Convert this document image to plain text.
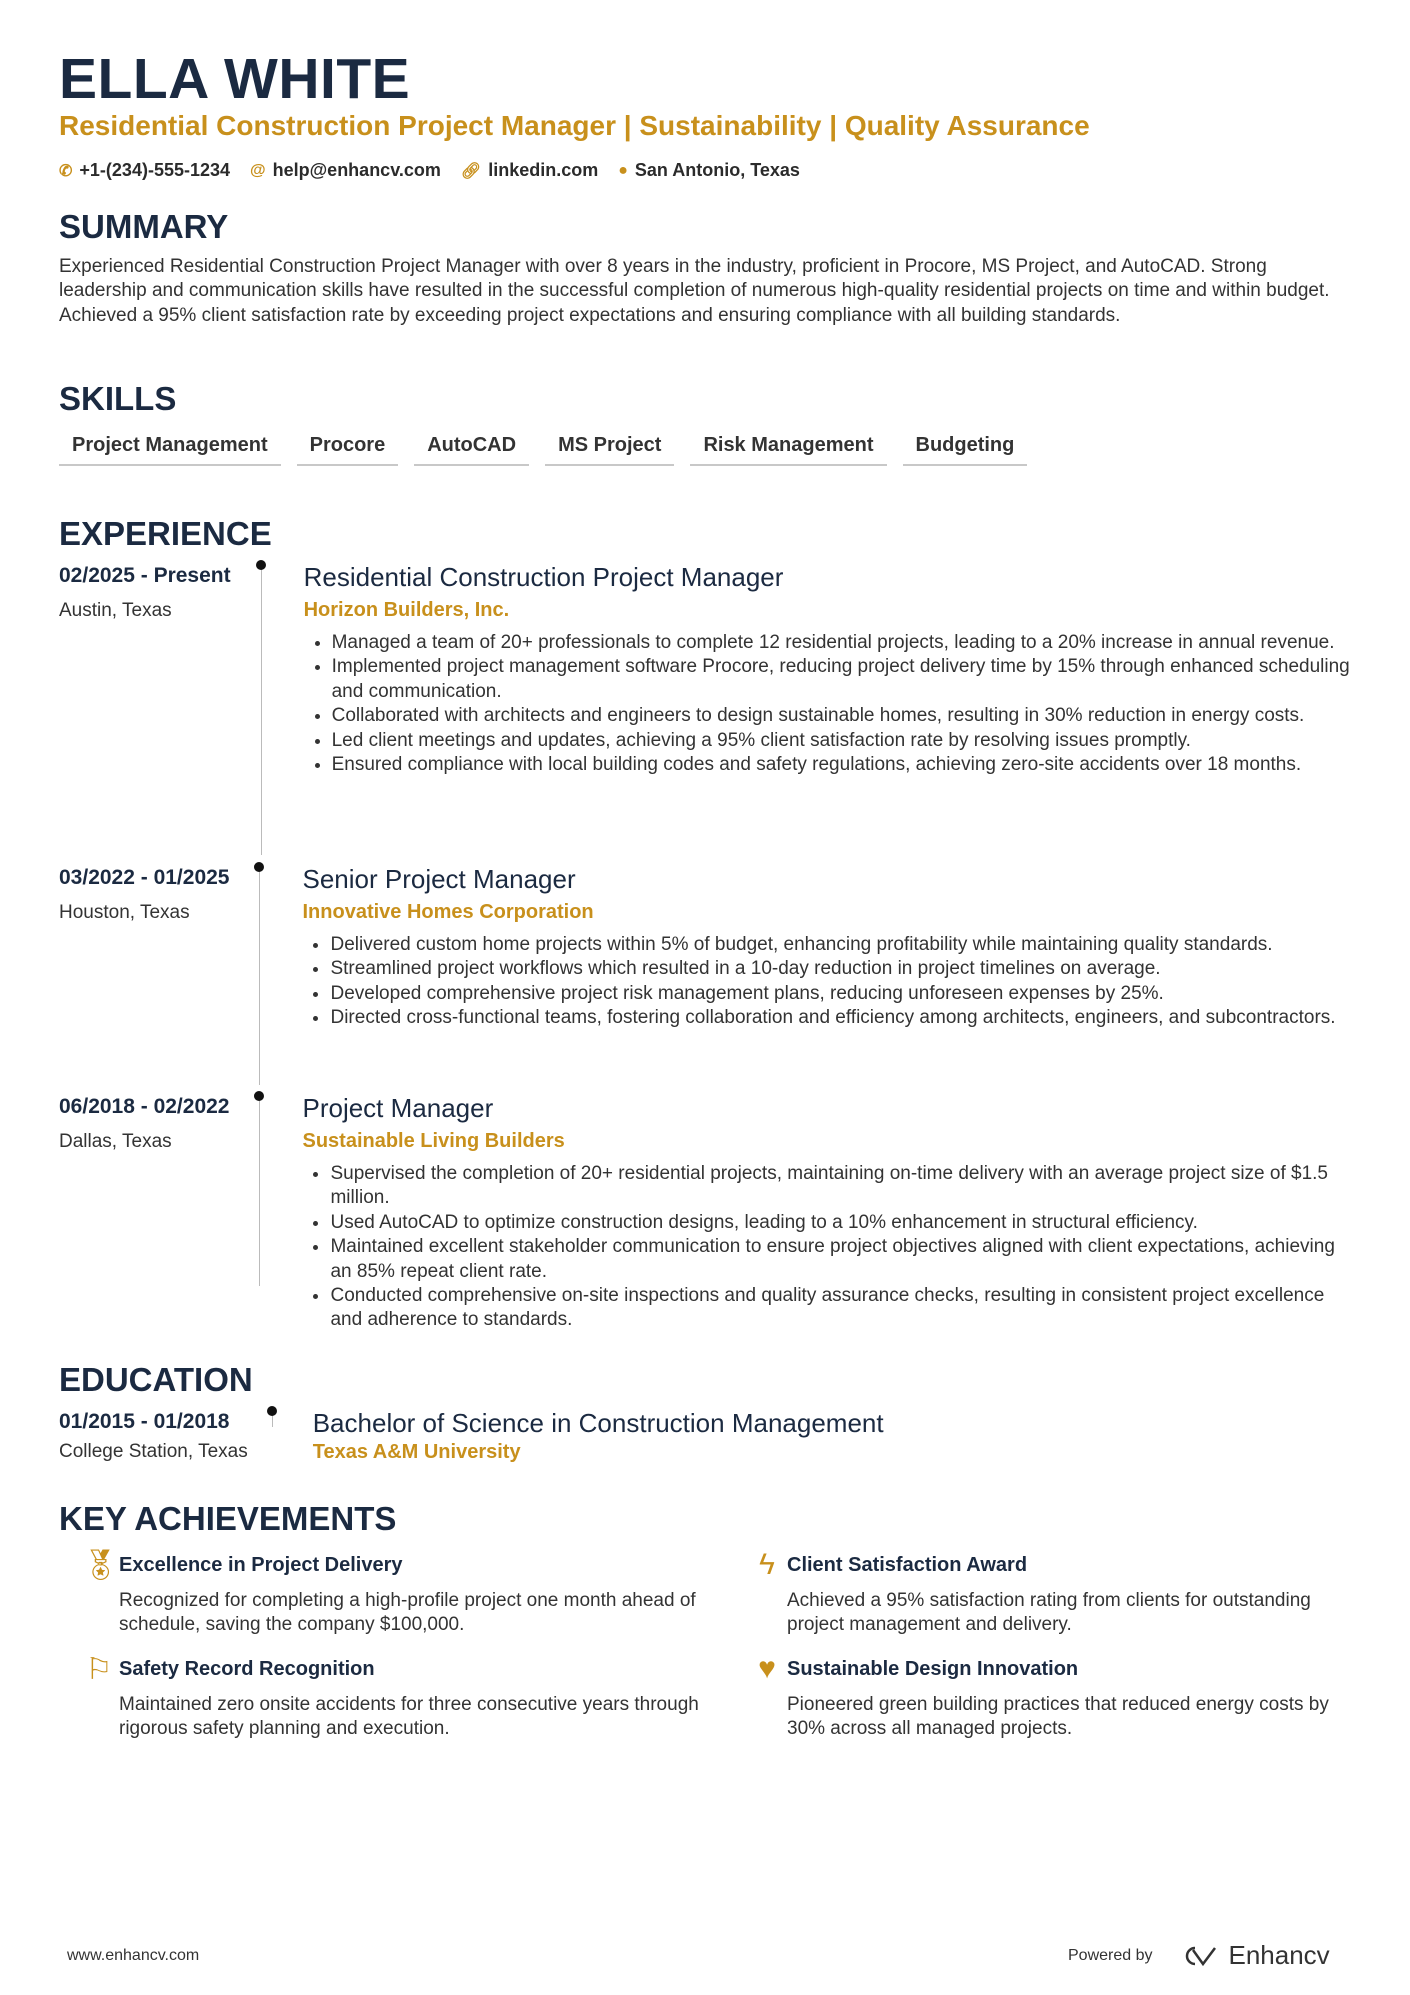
ELLA WHITE
Residential Construction Project Manager | Sustainability | Quality Assurance
✆ +1-(234)-555-1234 @ help@enhancv.com 🔗︎ linkedin.com ● San Antonio, Texas
SUMMARY
Experienced Residential Construction Project Manager with over 8 years in the industry, proficient in Procore, MS Project, and AutoCAD. Strong leadership and communication skills have resulted in the successful completion of numerous high-quality residential projects on time and within budget. Achieved a 95% client satisfaction rate by exceeding project expectations and ensuring compliance with all building standards.
SKILLS
Project Management	Procore	AutoCAD	MS Project	Risk Management	Budgeting
EXPERIENCE
02/2025 - Present
Austin, Texas
Residential Construction Project Manager
Horizon Builders, Inc.
• Managed a team of 20+ professionals to complete 12 residential projects, leading to a 20% increase in annual revenue.
• Implemented project management software Procore, reducing project delivery time by 15% through enhanced scheduling and communication.
• Collaborated with architects and engineers to design sustainable homes, resulting in 30% reduction in energy costs.
• Led client meetings and updates, achieving a 95% client satisfaction rate by resolving issues promptly.
• Ensured compliance with local building codes and safety regulations, achieving zero-site accidents over 18 months.
03/2022 - 01/2025
Houston, Texas
Senior Project Manager
Innovative Homes Corporation
• Delivered custom home projects within 5% of budget, enhancing profitability while maintaining quality standards.
• Streamlined project workflows which resulted in a 10-day reduction in project timelines on average.
• Developed comprehensive project risk management plans, reducing unforeseen expenses by 25%.
• Directed cross-functional teams, fostering collaboration and efficiency among architects, engineers, and subcontractors.
06/2018 - 02/2022
Dallas, Texas
Project Manager
Sustainable Living Builders
• Supervised the completion of 20+ residential projects, maintaining on-time delivery with an average project size of $1.5 million.
• Used AutoCAD to optimize construction designs, leading to a 10% enhancement in structural efficiency.
• Maintained excellent stakeholder communication to ensure project objectives aligned with client expectations, achieving an 85% repeat client rate.
• Conducted comprehensive on-site inspections and quality assurance checks, resulting in consistent project excellence and adherence to standards.
EDUCATION
01/2015 - 01/2018
College Station, Texas
Bachelor of Science in Construction Management
Texas A&M University
KEY ACHIEVEMENTS
🏅︎ Excellence in Project Delivery
Recognized for completing a high-profile project one month ahead of schedule, saving the company $100,000.
ϟ Client Satisfaction Award
Achieved a 95% satisfaction rating from clients for outstanding project management and delivery.
⚐ Safety Record Recognition
Maintained zero onsite accidents for three consecutive years through rigorous safety planning and execution.
♥ Sustainable Design Innovation
Pioneered green building practices that reduced energy costs by 30% across all managed projects.
www.enhancv.com	Powered by	Enhancv
